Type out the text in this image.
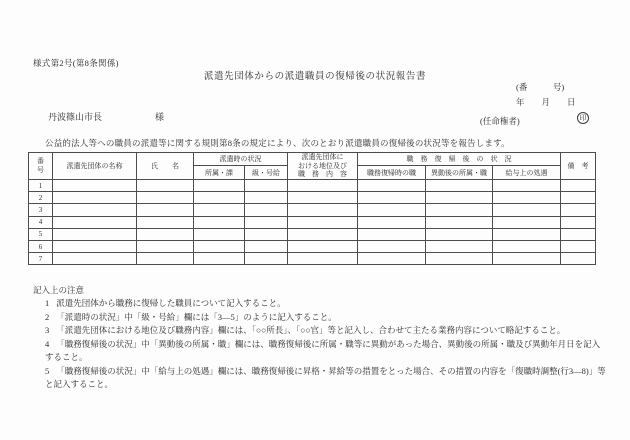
様式第2号(第8条関係)
派遣先団体からの派遣職員の復帰後の状況報告書
(番　　　号)
年　　月　　日
丹波篠山市長	様	(任命権者)	印
公益的法人等への職員の派遣等に関する規則第8条の規定により、次のとおり派遣職員の復帰後の状況等を報告します。
番号	派遣先団体の名称	氏　　名	派遣時の状況		派遣先団体に
おける地位及び
職　務　内　容	職　務　復　帰　後　の　状　況			備　考
			所属・課	級・号給		職務復帰時の職	異動後の所属・職	給与上の処遇	
1									
2									
3									
4									
5									
6									
7									
記入上の注意

1 派遣先団体から職務に復帰した職員について記入すること。

2 「派遣時の状況」中「級・号給」欄には「3―5」のように記入すること。

3 「派遣先団体における地位及び職務内容」欄には、「○○所長」、「○○官」等と記入し、合わせて主たる業務内容について略記すること。

4 「職務復帰後の状況」中「異動後の所属・職」欄には、職務復帰後に所属・職等に異動があった場合、異動後の所属・職及び異動年月日を記入すること。

5 「職務復帰後の状況」中「給与上の処遇」欄には、職務復帰後に昇格・昇給等の措置をとった場合、その措置の内容を「復職時調整(行3―8)」等と記入すること。
